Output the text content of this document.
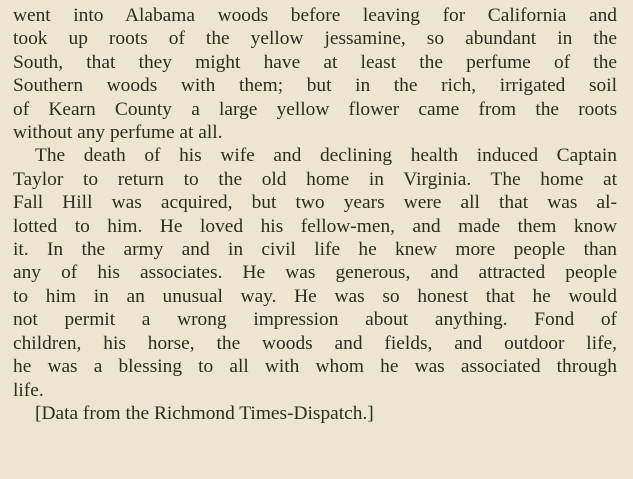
went into Alabama woods before leaving for California and
took up roots of the yellow jessamine, so abundant in the
South, that they might have at least the perfume of the
Southern woods with them; but in the rich, irrigated soil
of Kearn County a large yellow flower came from the roots
without any perfume at all.
The death of his wife and declining health induced Captain
Taylor to return to the old home in Virginia. The home at
Fall Hill was acquired, but two years were all that was al-
lotted to him. He loved his fellow-men, and made them know
it. In the army and in civil life he knew more people than
any of his associates. He was generous, and attracted people
to him in an unusual way. He was so honest that he would
not permit a wrong impression about anything. Fond of
children, his horse, the woods and fields, and outdoor life,
he was a blessing to all with whom he was associated through
life.
[Data from the Richmond Times-Dispatch.]
